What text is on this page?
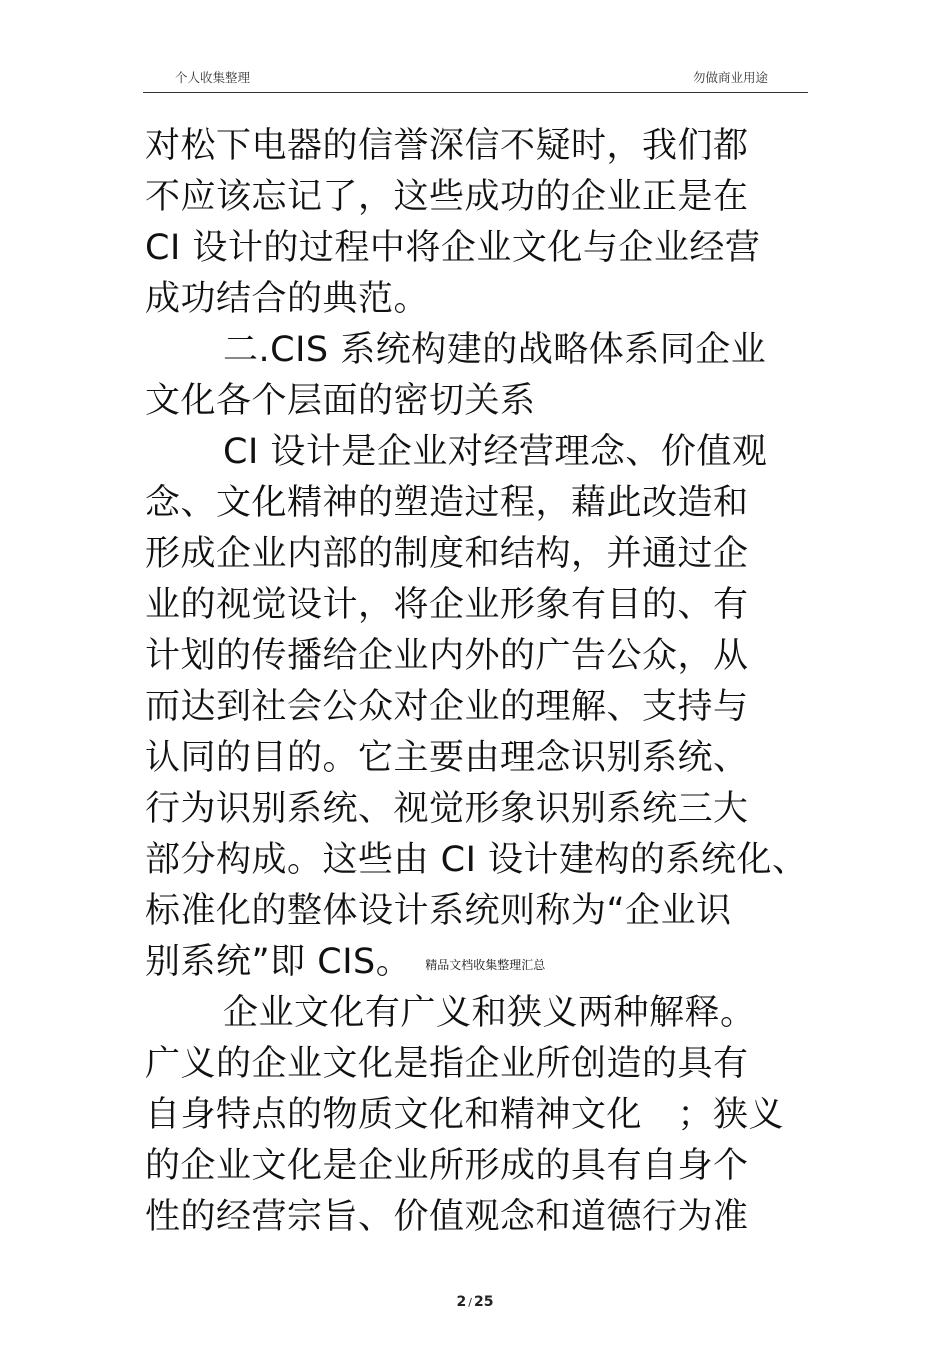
个人收集整理	勿做商业用途
对松下电器的信誉深信不疑时，我们都
不应该忘记了，这些成功的企业正是在
CI 设计的过程中将企业文化与企业经营
成功结合的典范。
二.CIS 系统构建的战略体系同企业
文化各个层面的密切关系
CI 设计是企业对经营理念、价值观
念、文化精神的塑造过程，藉此改造和
形成企业内部的制度和结构，并通过企
业的视觉设计，将企业形象有目的、有
计划的传播给企业内外的广告公众，从
而达到社会公众对企业的理解、支持与
认同的目的。它主要由理念识别系统、
行为识别系统、视觉形象识别系统三大
部分构成。这些由 CI 设计建构的系统化、
标准化的整体设计系统则称为“企业识
别系统”即 CIS。 精品文档收集整理汇总
企业文化有广义和狭义两种解释。
广义的企业文化是指企业所创造的具有
自身特点的物质文化和精神文化　；狭义
的企业文化是企业所形成的具有自身个
性的经营宗旨、价值观念和道德行为准
2 / 25
